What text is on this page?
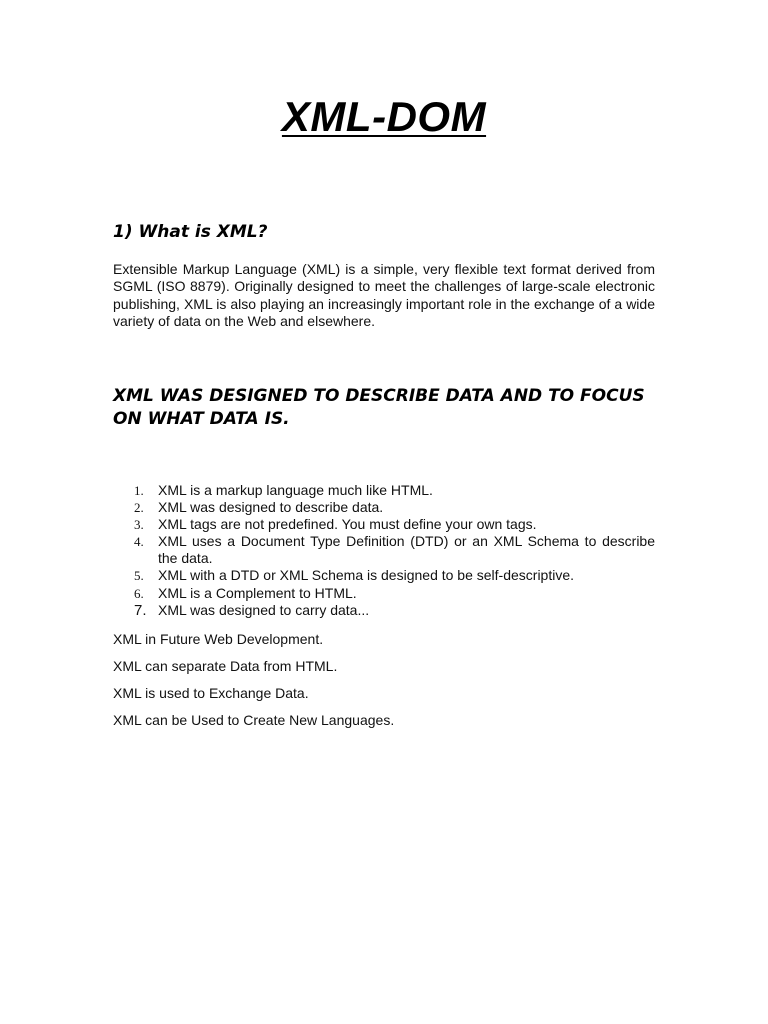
XML-DOM
1) What is XML?

Extensible Markup Language (XML) is a simple, very flexible text format derived from SGML (ISO 8879). Originally designed to meet the challenges of large-scale electronic publishing, XML is also playing an increasingly important role in the exchange of a wide variety of data on the Web and elsewhere.

XML WAS DESIGNED TO DESCRIBE DATA AND TO FOCUS ON WHAT DATA IS.
1. XML is a markup language much like HTML.
2. XML was designed to describe data.
3. XML tags are not predefined. You must define your own tags.
4. XML uses a Document Type Definition (DTD) or an XML Schema to describe the data.
5. XML with a DTD or XML Schema is designed to be self-descriptive.
6. XML is a Complement to HTML.
7. XML was designed to carry data...

XML in Future Web Development.

XML can separate Data from HTML.

XML is used to Exchange Data.

XML can be Used to Create New Languages.
